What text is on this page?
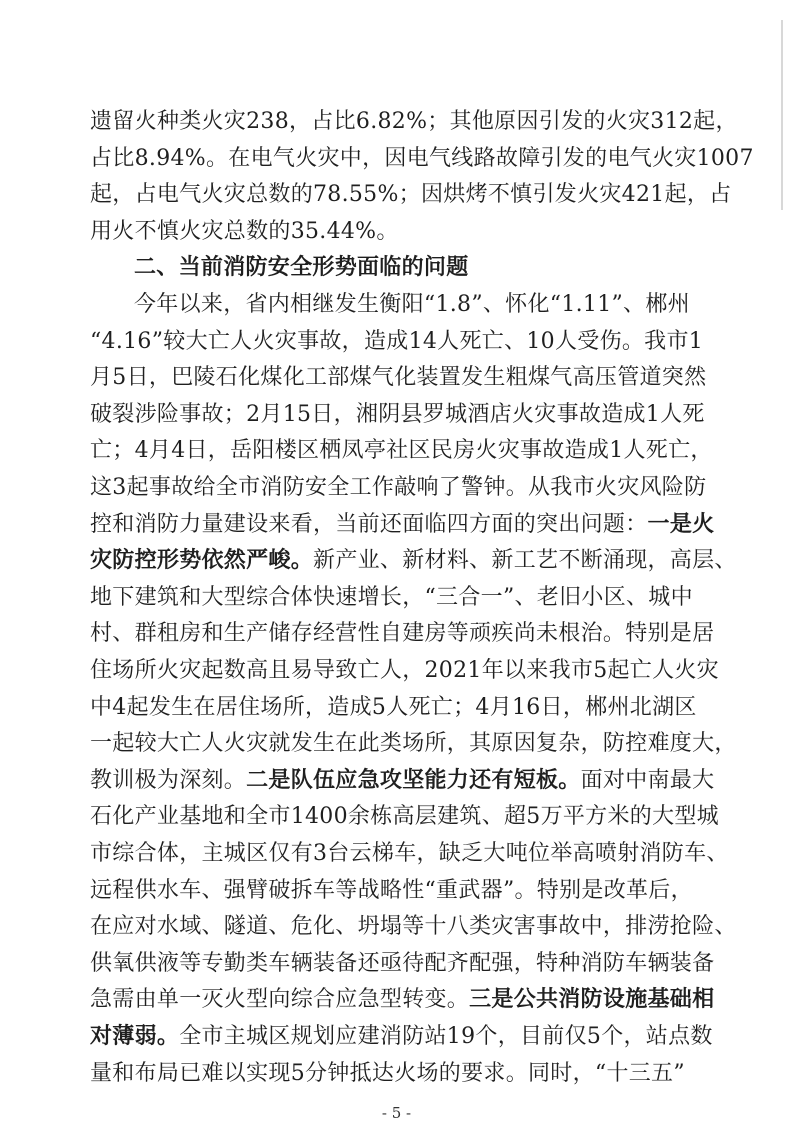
遗留火种类火灾238，占比6.82%；其他原因引发的火灾312起，
占比8.94%。在电气火灾中，因电气线路故障引发的电气火灾1007
起，占电气火灾总数的78.55%；因烘烤不慎引发火灾421起，占
用火不慎火灾总数的35.44%。
二、当前消防安全形势面临的问题
今年以来，省内相继发生衡阳“1.8”、怀化“1.11”、郴州
“4.16”较大亡人火灾事故，造成14人死亡、10人受伤。我市1
月5日，巴陵石化煤化工部煤气化装置发生粗煤气高压管道突然
破裂涉险事故；2月15日，湘阴县罗城酒店火灾事故造成1人死
亡；4月4日，岳阳楼区栖凤亭社区民房火灾事故造成1人死亡，
这3起事故给全市消防安全工作敲响了警钟。从我市火灾风险防
控和消防力量建设来看，当前还面临四方面的突出问题：一是火
灾防控形势依然严峻。新产业、新材料、新工艺不断涌现，高层、
地下建筑和大型综合体快速增长，“三合一”、老旧小区、城中
村、群租房和生产储存经营性自建房等顽疾尚未根治。特别是居
住场所火灾起数高且易导致亡人，2021年以来我市5起亡人火灾
中4起发生在居住场所，造成5人死亡；4月16日，郴州北湖区
一起较大亡人火灾就发生在此类场所，其原因复杂，防控难度大，
教训极为深刻。二是队伍应急攻坚能力还有短板。面对中南最大
石化产业基地和全市1400余栋高层建筑、超5万平方米的大型城
市综合体，主城区仅有3台云梯车，缺乏大吨位举高喷射消防车、
远程供水车、强臂破拆车等战略性“重武器”。特别是改革后，
在应对水域、隧道、危化、坍塌等十八类灾害事故中，排涝抢险、
供氧供液等专勤类车辆装备还亟待配齐配强，特种消防车辆装备
急需由单一灭火型向综合应急型转变。三是公共消防设施基础相
对薄弱。全市主城区规划应建消防站19个，目前仅5个，站点数
- 5 -
量和布局已难以实现5分钟抵达火场的要求。同时，“十三五”
